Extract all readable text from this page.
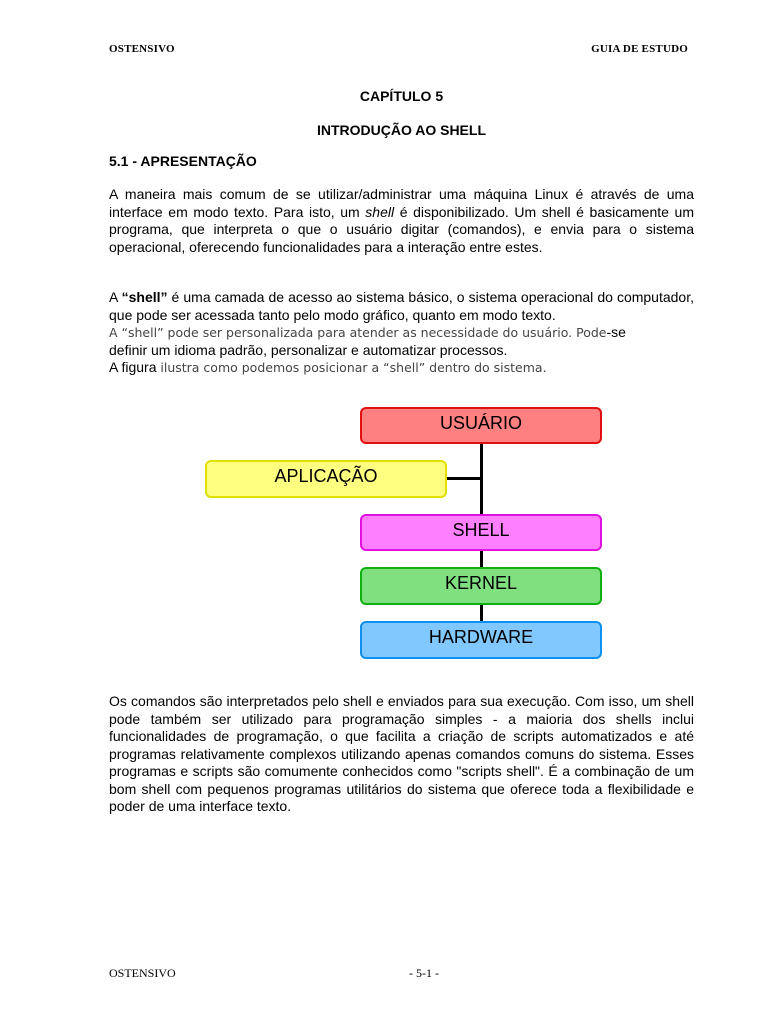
OSTENSIVO	GUIA DE ESTUDO
CAPÍTULO 5
INTRODUÇÃO AO SHELL
5.1 - APRESENTAÇÃO
A maneira mais comum de se utilizar/administrar uma máquina Linux é através de uma interface em modo texto. Para isto, um shell é disponibilizado. Um shell é basicamente um programa, que interpreta o que o usuário digitar (comandos), e envia para o sistema operacional, oferecendo funcionalidades para a interação entre estes.
A “shell” é uma camada de acesso ao sistema básico, o sistema operacional do computador, que pode ser acessada tanto pelo modo gráfico, quanto em modo texto.
A “shell” pode ser personalizada para atender as necessidade do usuário. Pode-se
definir um idioma padrão, personalizar e automatizar processos.
A figura ilustra como podemos posicionar a “shell” dentro do sistema.
USUÁRIO
APLICAÇÃO
SHELL
KERNEL
HARDWARE
Os comandos são interpretados pelo shell e enviados para sua execução. Com isso, um shell pode também ser utilizado para programação simples - a maioria dos shells inclui funcionalidades de programação, o que facilita a criação de scripts automatizados e até programas relativamente complexos utilizando apenas comandos comuns do sistema. Esses programas e scripts são comumente conhecidos como "scripts shell". É a combinação de um bom shell com pequenos programas utilitários do sistema que oferece toda a flexibilidade e poder de uma interface texto.
OSTENSIVO	- 5-1 -
